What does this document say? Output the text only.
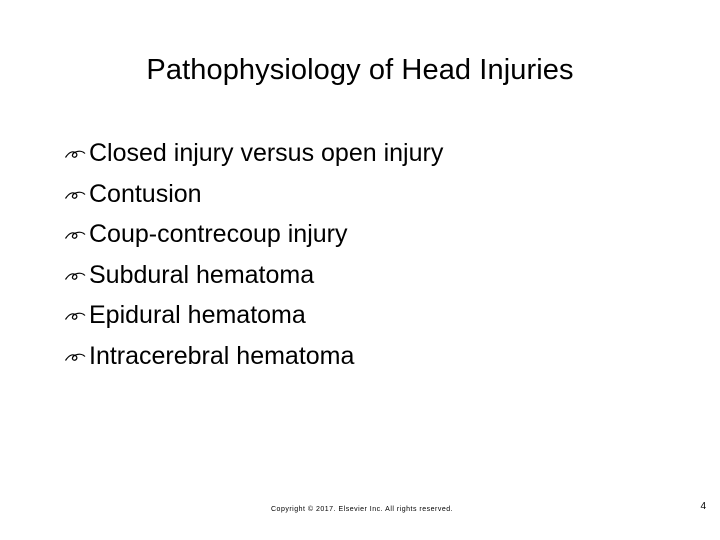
Pathophysiology of Head Injuries
Closed injury versus open injury
Contusion
Coup-contrecoup injury
Subdural hematoma
Epidural hematoma
Intracerebral hematoma
Copyright © 2017. Elsevier Inc. All rights reserved.	4
